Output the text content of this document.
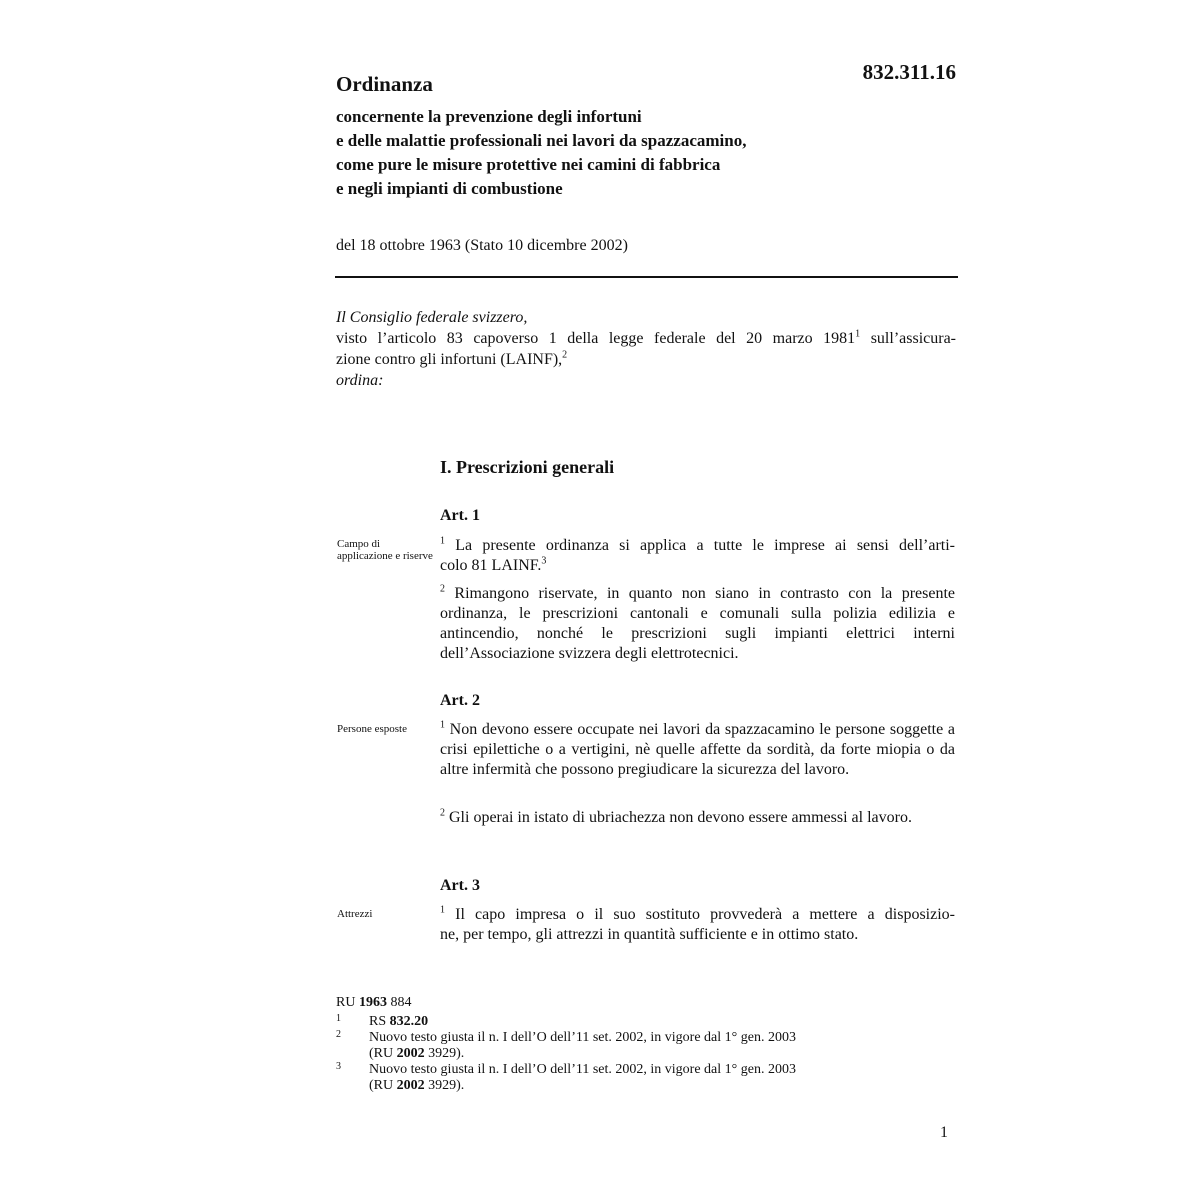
832.311.16
Ordinanza
concernente la prevenzione degli infortuni
e delle malattie professionali nei lavori da spazzacamino,
come pure le misure protettive nei camini di fabbrica
e negli impianti di combustione
del 18 ottobre 1963 (Stato 10 dicembre 2002)
Il Consiglio federale svizzero,
visto l’articolo 83 capoverso 1 della legge federale del 20 marzo 1981$^1$ sull’assicura-
zione contro gli infortuni (LAINF),$^2$
ordina:
I. Prescrizioni generali
Art. 1
Campo di applicazione e riserve
$^1$ La presente ordinanza si applica a tutte le imprese ai sensi dell’arti-
colo 81 LAINF.$^3$
$^2$ Rimangono riservate, in quanto non siano in contrasto con la presente ordinanza, le prescrizioni cantonali e comunali sulla polizia edilizia e antincendio, nonché le prescrizioni sugli impianti elettrici interni dell’Associazione svizzera degli elettrotecnici.
Art. 2
Persone esposte	$^1$ Non devono essere occupate nei lavori da spazzacamino le persone soggette a crisi epilettiche o a vertigini, nè quelle affette da sordità, da forte miopia o da altre infermità che possono pregiudicare la sicurezza del lavoro.
$^2$ Gli operai in istato di ubriachezza non devono essere ammessi al lavoro.
Art. 3
Attrezzi	$^1$ Il capo impresa o il suo sostituto provvederà a mettere a disposizio-
ne, per tempo, gli attrezzi in quantità sufficiente e in ottimo stato.
RU 1963 884
1 RS 832.20
2 Nuovo testo giusta il n. I dell’O dell’11 set. 2002, in vigore dal 1° gen. 2003
(RU 2002 3929).
3 Nuovo testo giusta il n. I dell’O dell’11 set. 2002, in vigore dal 1° gen. 2003
(RU 2002 3929).
1
